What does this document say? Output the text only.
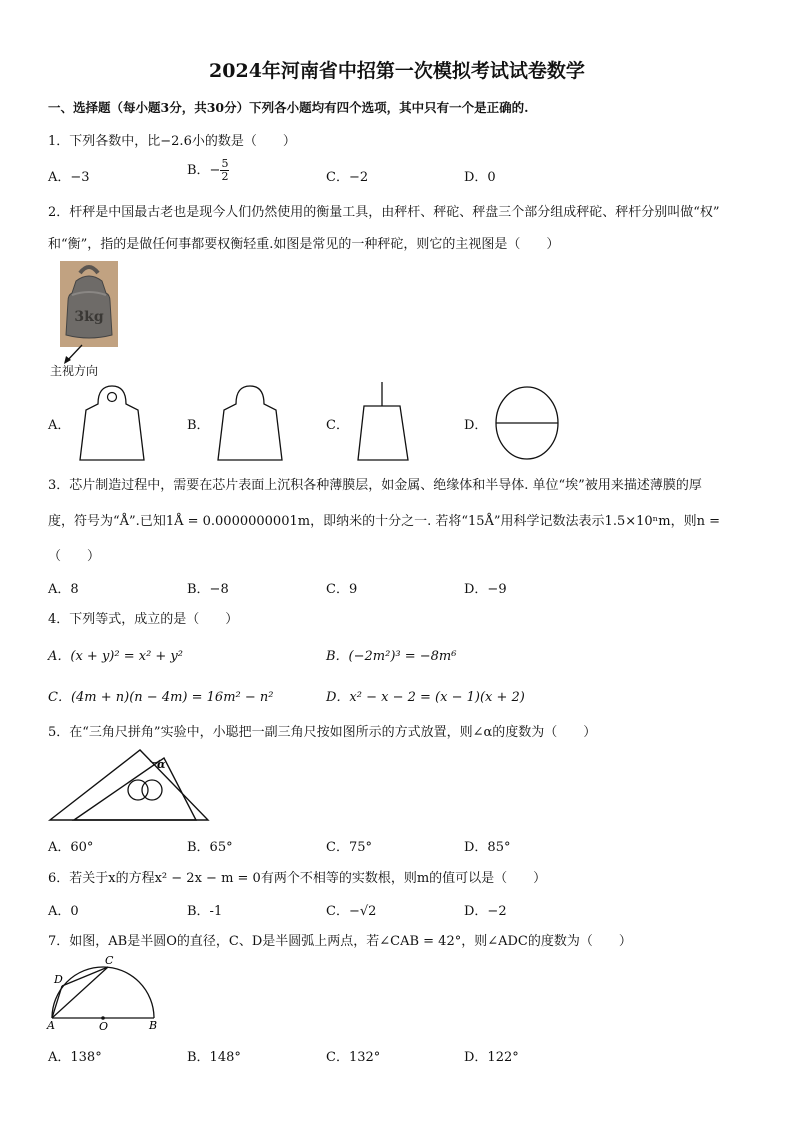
2024年河南省中招第一次模拟考试试卷数学
一、选择题（每小题3分，共30分）下列各小题均有四个选项，其中只有一个是正确的.
1．下列各数中，比−2.6小的数是（　　）
A．−3	B．− $\frac{5}{2}$	C．−2	D．0
2．杆秤是中国最古老也是现今人们仍然使用的衡量工具，由秤杆、秤砣、秤盘三个部分组成秤砣、秤杆分别叫做“权”
和“衡”，指的是做任何事都要权衡轻重.如图是常见的一种秤砣，则它的主视图是（　　）
3kg
主视方向
A．	B．	C．	D．
3．芯片制造过程中，需要在芯片表面上沉积各种薄膜层，如金属、绝缘体和半导体. 单位“埃”被用来描述薄膜的厚
度，符号为“Å”.已知1Å = 0.0000000001m，即纳米的十分之一. 若将“15Å”用科学记数法表示1.5×10ⁿm，则n =
（　　）
A．8	B．−8	C．9	D．−9
4．下列等式，成立的是（　　）
A．(x + y)² = x² + y²	B．(−2m²)³ = −8m⁶
C．(4m + n)(n − 4m) = 16m² − n²	D．x² − x − 2 = (x − 1)(x + 2)
5．在“三角尺拼角”实验中，小聪把一副三角尺按如图所示的方式放置，则∠α的度数为（　　）
α
A．60°	B．65°	C．75°	D．85°
6．若关于x的方程x² − 2x − m = 0有两个不相等的实数根，则m的值可以是（　　）
A．0	B．-1	C．−√2	D．−2
7．如图，AB是半圆O的直径，C、D是半圆弧上两点，若∠CAB = 42°，则∠ADC的度数为（　　）
C
D
A	O	B
A．138°	B．148°	C．132°	D．122°
